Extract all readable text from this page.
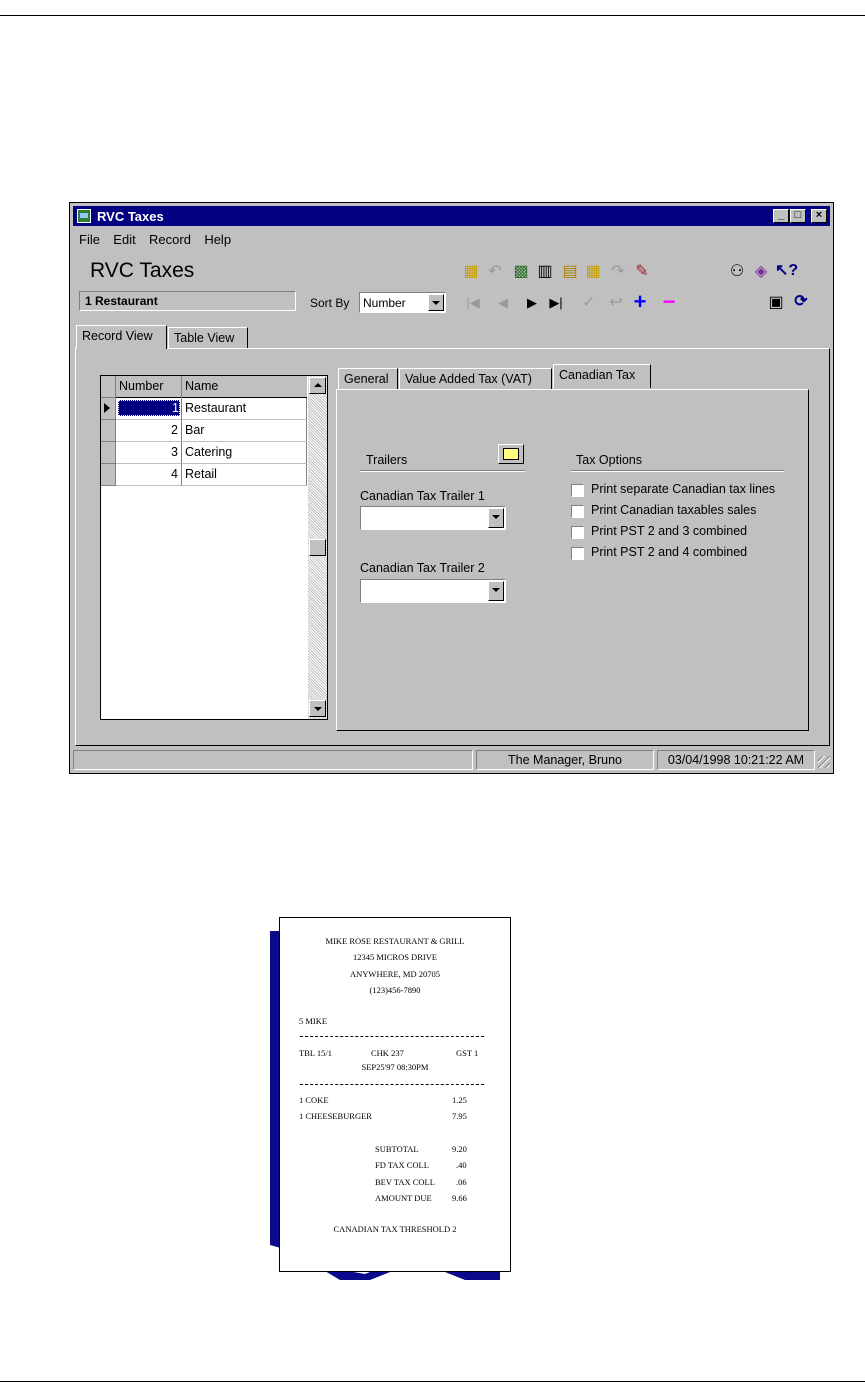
RVC Taxes	_ □	×
File Edit Record Help
RVC Taxes
1 Restaurant	Sort By Number
▦ ↶ ▩ ▥ ▤ ▦ ↷ ✎	⚇ ◈ ↖?
|◀	◀	▶ ▶| ✓ ↩ + −	▣ ⟳
Record View	Table View
Number	Name
1 Restaurant
2 Bar
3 Catering
4 Retail
General	Value Added Tax (VAT)	Canadian Tax
Trailers
Canadian Tax Trailer 1
Canadian Tax Trailer 2
Tax Options
Print separate Canadian tax lines
Print Canadian taxables sales
Print PST 2 and 3 combined
Print PST 2 and 4 combined
The Manager, Bruno	03/04/1998 10:21:22 AM
MIKE ROSE RESTAURANT & GRILL
12345 MICROS DRIVE
ANYWHERE, MD 20705
(123)456-7890
5 MIKE
TBL 15/1	CHK 237	GST 1
SEP25'97 08:30PM
1 COKE	1.25
1 CHEESEBURGER	7.95
SUBTOTAL	9.20
FD TAX COLL	.40
BEV TAX COLL .06
AMOUNT DUE 9.66
CANADIAN TAX THRESHOLD 2
